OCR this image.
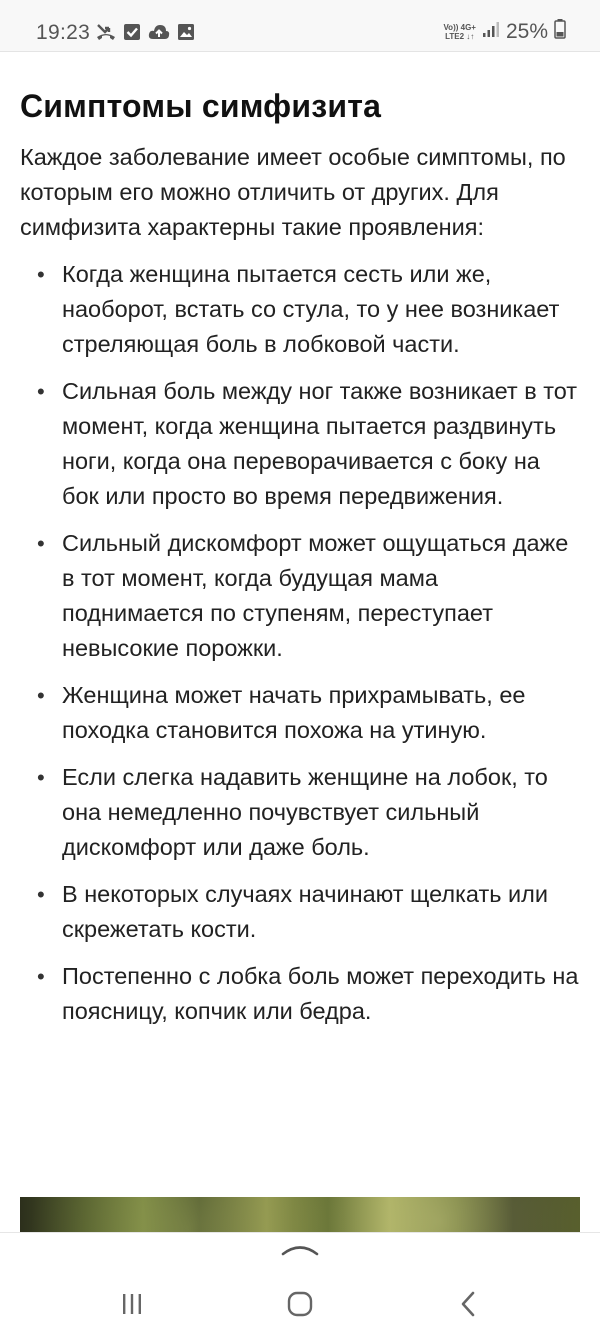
19:23	Vo)) 4G+
LTE2 ↓↑ 25%
Симптомы симфизита

Каждое заболевание имеет особые симптомы, по которым его можно отличить от других. Для симфизита характерны такие проявления:

• Когда женщина пытается сесть или же, наоборот, встать со стула, то у нее возникает стреляющая боль в лобковой части.
• Сильная боль между ног также возникает в тот момент, когда женщина пытается раздвинуть ноги, когда она переворачивается с боку на бок или просто во время передвижения.
• Сильный дискомфорт может ощущаться даже в тот момент, когда будущая мама поднимается по ступеням, переступает невысокие порожки.
• Женщина может начать прихрамывать, ее походка становится похожа на утиную.
• Если слегка надавить женщине на лобок, то она немедленно почувствует сильный дискомфорт или даже боль.
• В некоторых случаях начинают щелкать или скрежетать кости.
• Постепенно с лобка боль может переходить на поясницу, копчик или бедра.
